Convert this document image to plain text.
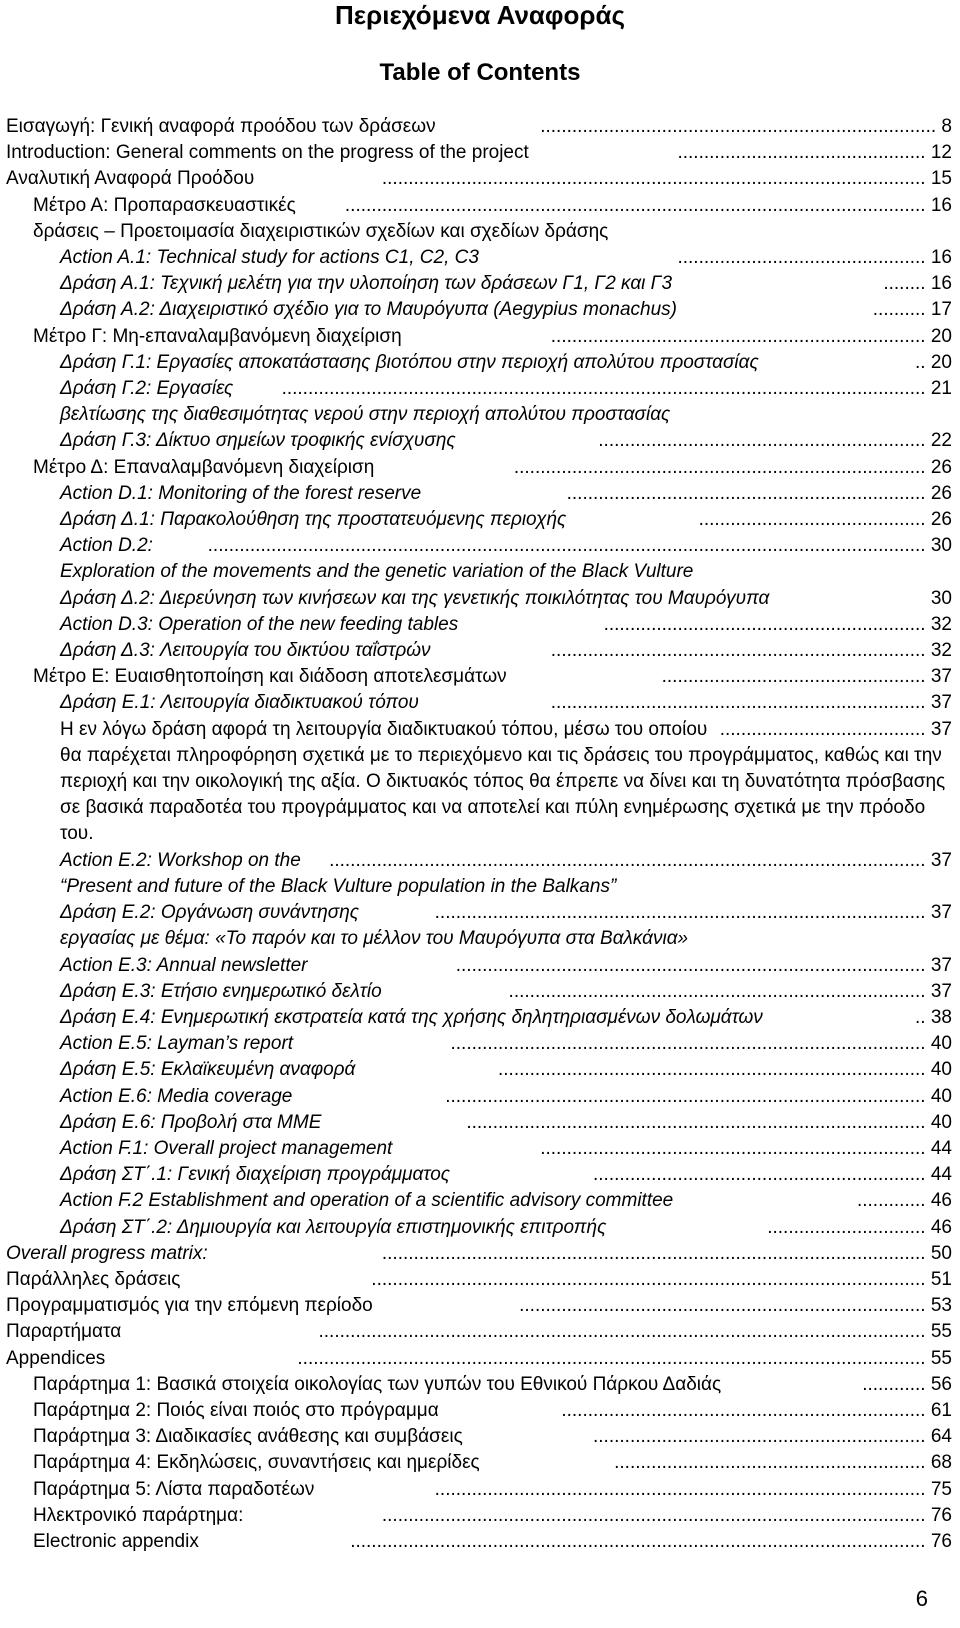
Περιεχόμενα Αναφοράς
Table of Contents
........................................................................... 8
Εισαγωγή: Γενική αναφορά προόδου των δράσεων
............................................... 12
Introduction: General comments on the progress of the project
....................................................................................................... 15
Αναλυτική Αναφορά Προόδου
.............................................................................................................. 16
Μέτρο Α: Προπαρασκευαστικές δράσεις – Προετοιμασία διαχειριστικών σχεδίων και σχεδίων δράσης
............................................... 16
Action A.1: Technical study for actions C1, C2, C3
........ 16
Δράση Α.1: Τεχνική μελέτη για την υλοποίηση των δράσεων Γ1, Γ2 και Γ3
.......... 17
Δράση Α.2: Διαχειριστικό σχέδιο για το Μαυρόγυπα (Aegypius monachus)
....................................................................... 20
Μέτρο Γ: Μη-επαναλαμβανόμενη διαχείριση
.. 20
Δράση Γ.1: Εργασίες αποκατάστασης βιοτόπου στην περιοχή απολύτου προστασίας
.......................................................................................................................... 21
Δράση Γ.2: Εργασίες βελτίωσης της διαθεσιμότητας νερού στην περιοχή απολύτου προστασίας
.............................................................. 22
Δράση Γ.3: Δίκτυο σημείων τροφικής ενίσχυσης
.............................................................................. 26
Μέτρο Δ: Επαναλαμβανόμενη διαχείριση
.................................................................... 26
Action D.1: Monitoring of the forest reserve
........................................... 26
Δράση Δ.1: Παρακολούθηση της προστατευόμενης περιοχής
........................................................................................................................................ 30
Action D.2: Exploration of the movements and the genetic variation of the Black Vulture
30
Δράση Δ.2: Διερεύνηση των κινήσεων και της γενετικής ποικιλότητας του Μαυρόγυπα
............................................................. 32
Action D.3: Operation of the new feeding tables
....................................................................... 32
Δράση Δ.3: Λειτουργία του δικτύου ταΐστρών
.................................................. 37
Μέτρο Ε: Ευαισθητοποίηση και διάδοση αποτελεσμάτων
....................................................................... 37
Δράση Ε.1: Λειτουργία διαδικτυακού τόπου
....................................... 37
Η εν λόγω δράση αφορά τη λειτουργία διαδικτυακού τόπου, μέσω του οποίου θα παρέχεται πληροφόρηση σχετικά με το περιεχόμενο και τις δράσεις του προγράμματος, καθώς και την περιοχή και την οικολογική της αξία. Ο δικτυακός τόπος θα έπρεπε να δίνει και τη δυνατότητα πρόσβασης σε βασικά παραδοτέα του προγράμματος και να αποτελεί και πύλη ενημέρωσης σχετικά με την πρόοδο του.
................................................................................................................. 37
Action E.2: Workshop on the “Present and future of the Black Vulture population in the Balkans”
............................................................................................. 37
Δράση Ε.2: Οργάνωση συνάντησης εργασίας με θέμα: «Το παρόν και το μέλλον του Μαυρόγυπα στα Βαλκάνια»
......................................................................................... 37
Action E.3: Annual newsletter
............................................................................... 37
Δράση Ε.3: Ετήσιο ενημερωτικό δελτίο
.. 38
Δράση Ε.4: Ενημερωτική εκστρατεία κατά της χρήσης δηλητηριασμένων δολωμάτων
.......................................................................................... 40
Action E.5: Layman’s report
................................................................................. 40
Δράση Ε.5: Εκλαϊκευμένη αναφορά
........................................................................................... 40
Action E.6: Media coverage
....................................................................................... 40
Δράση Ε.6: Προβολή στα ΜΜΕ
......................................................................... 44
Action F.1: Overall project management
............................................................... 44
Δράση ΣΤ΄.1: Γενική διαχείριση προγράμματος
............. 46
Action F.2 Establishment and operation of a scientific advisory committee
.............................. 46
Δράση ΣΤ΄.2: Δημιουργία και λειτουργία επιστημονικής επιτροπής
....................................................................................................... 50
Overall progress matrix:
......................................................................................................... 51
Παράλληλες δράσεις
............................................................................. 53
Προγραμματισμός για την επόμενη περίοδο
................................................................................................................... 55
Παραρτήματα
....................................................................................................................... 55
Appendices
............ 56
Παράρτημα 1: Βασικά στοιχεία οικολογίας των γυπών του Εθνικού Πάρκου Δαδιάς
..................................................................... 61
Παράρτημα 2: Ποιός είναι ποιός στο πρόγραμμα
............................................................... 64
Παράρτημα 3: Διαδικασίες ανάθεσης και συμβάσεις
........................................................... 68
Παράρτημα 4: Εκδηλώσεις, συναντήσεις και ημερίδες
............................................................................................. 75
Παράρτημα 5: Λίστα παραδοτέων
....................................................................................................... 76
Ηλεκτρονικό παράρτημα:
............................................................................................................. 76
Electronic appendix
6
